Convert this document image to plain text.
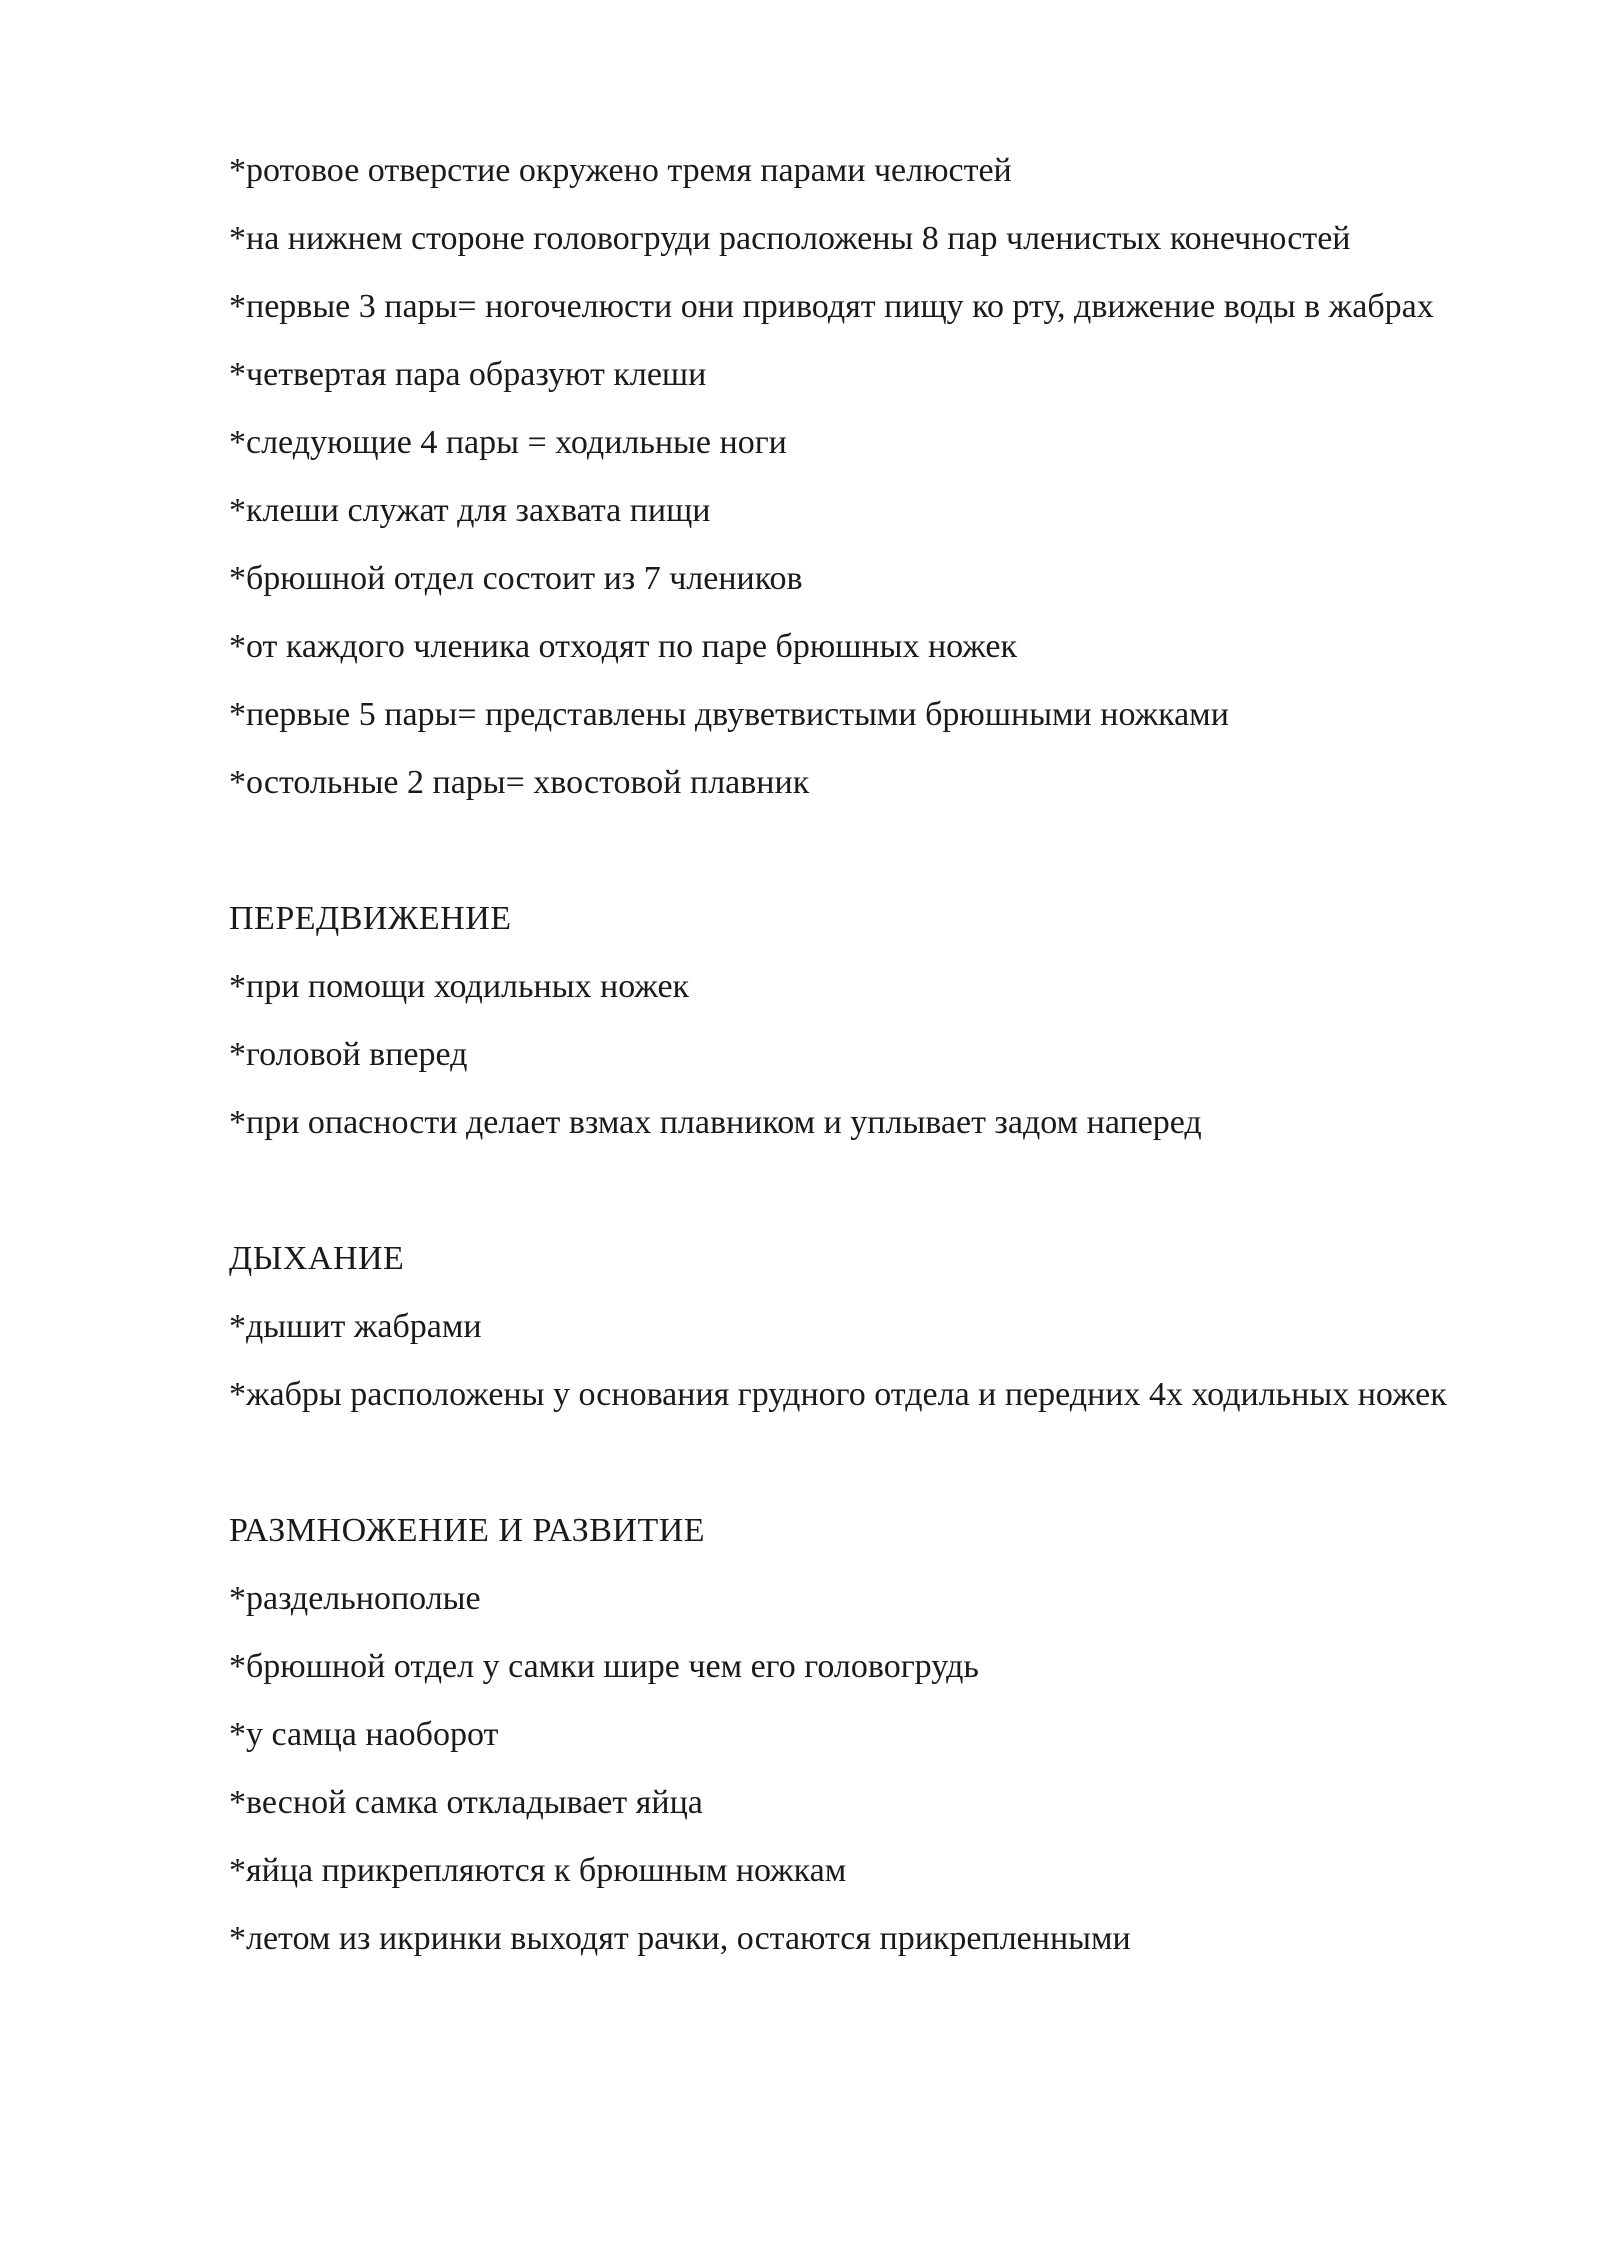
*ротовое отверстие окружено тремя парами челюстей

*на нижнем стороне головогруди расположены 8 пар членистых конечностей

*первые 3 пары= ногочелюсти они приводят пищу ко рту, движение воды в жабрах

*четвертая пара образуют клеши

*следующие 4 пары = ходильные ноги

*клеши служат для захвата пищи

*брюшной отдел состоит из 7 члеников

*от каждого членика отходят по паре брюшных ножек

*первые 5 пары= представлены двуветвистыми брюшными ножками

*остольные 2 пары= хвостовой плавник

ПЕРЕДВИЖЕНИЕ

*при помощи ходильных ножек

*головой вперед

*при опасности делает взмах плавником и уплывает задом наперед

ДЫХАНИЕ

*дышит жабрами

*жабры расположены у основания грудного отдела и передних 4х ходильных ножек

РАЗМНОЖЕНИЕ И РАЗВИТИЕ

*раздельнополые

*брюшной отдел у самки шире чем его головогрудь

*у самца наоборот

*весной самка откладывает яйца

*яйца прикрепляются к брюшным ножкам

*летом из икринки выходят рачки, остаются прикрепленными
